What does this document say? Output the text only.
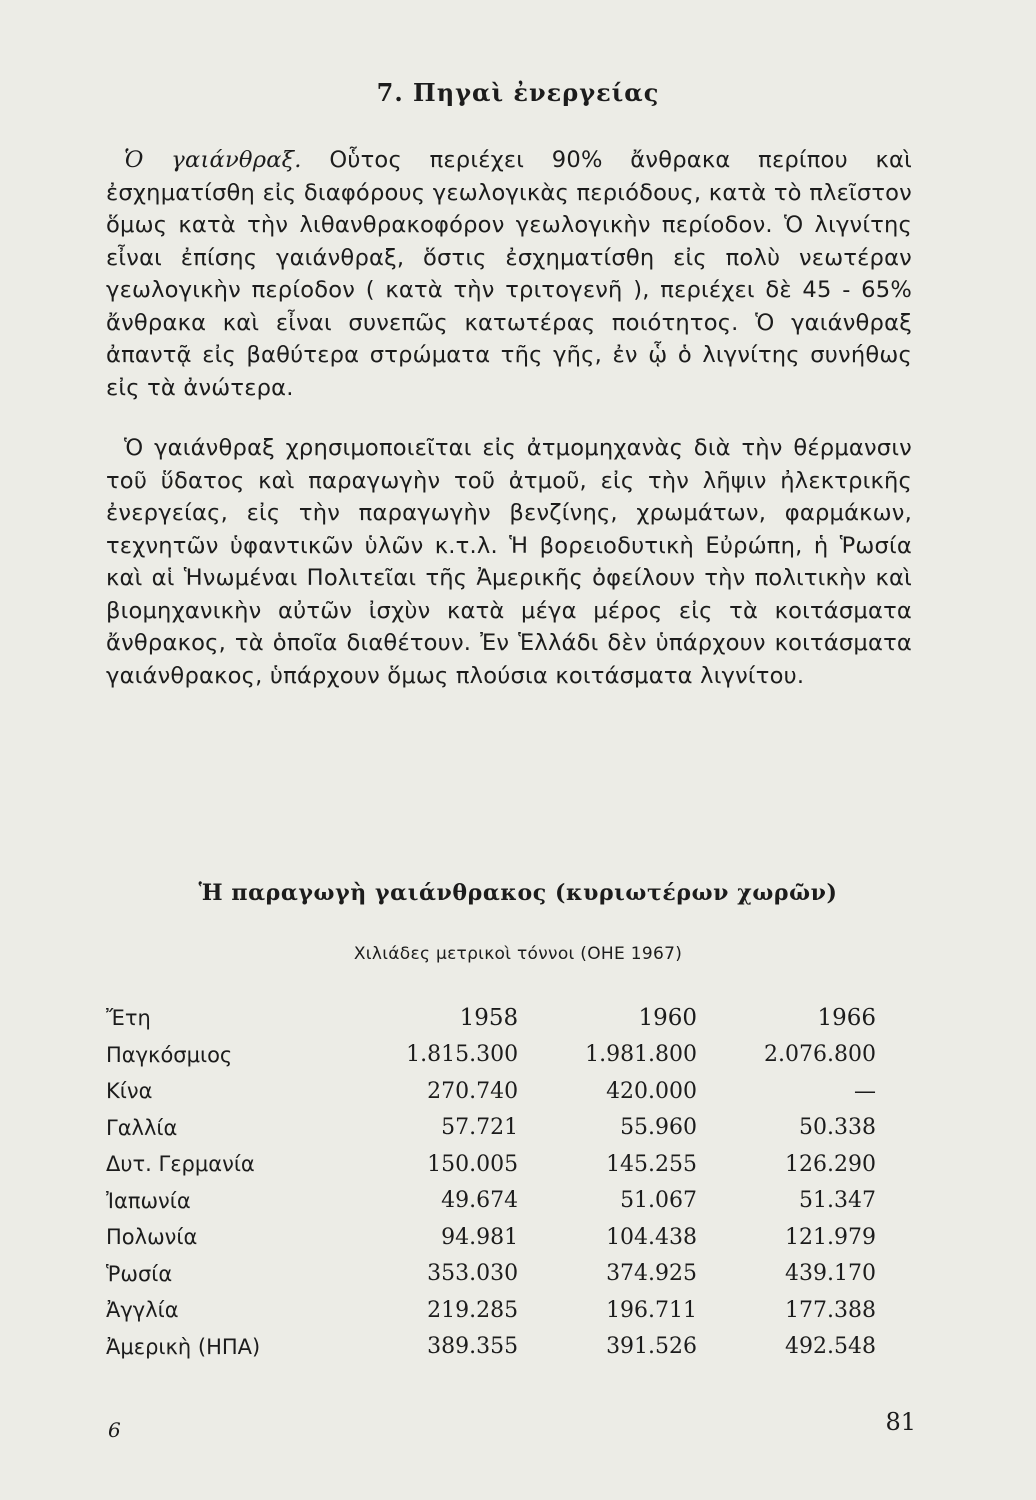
7. Πηγαὶ ἐνεργείας

Ὁ γαιάνθραξ. Οὗτος περιέχει 90% ἄνθρακα περίπου καὶ ἐσχηματίσθη εἰς διαφόρους γεωλογικὰς περιόδους, κατὰ τὸ πλεῖστον ὅμως κατὰ τὴν λιθανθρακοφόρον γεωλογικὴν περίοδον. Ὁ λιγνίτης εἶναι ἐπίσης γαιάνθραξ, ὅστις ἐσχηματίσθη εἰς πολὺ νεωτέραν γεωλογικὴν περίοδον ( κατὰ τὴν τριτογενῆ ), περιέχει δὲ 45 - 65% ἄνθρακα καὶ εἶναι συνεπῶς κατωτέρας ποιότητος. Ὁ γαιάνθραξ ἀπαντᾷ εἰς βαθύτερα στρώματα τῆς γῆς, ἐν ᾧ ὁ λιγνίτης συνήθως εἰς τὰ ἀνώτερα.

Ὁ γαιάνθραξ χρησιμοποιεῖται εἰς ἀτμομηχανὰς διὰ τὴν θέρμανσιν τοῦ ὕδατος καὶ παραγωγὴν τοῦ ἀτμοῦ, εἰς τὴν λῆψιν ἠλεκτρικῆς ἐνεργείας, εἰς τὴν παραγωγὴν βενζίνης, χρωμάτων, φαρμάκων, τεχνητῶν ὑφαντικῶν ὑλῶν κ.τ.λ. Ἡ βορειοδυτικὴ Εὐρώπη, ἡ Ῥωσία καὶ αἱ Ἡνωμέναι Πολιτεῖαι τῆς Ἀμερικῆς ὀφείλουν τὴν πολιτικὴν καὶ βιομηχανικὴν αὐτῶν ἰσχὺν κατὰ μέγα μέρος εἰς τὰ κοιτάσματα ἄνθρακος, τὰ ὁποῖα διαθέτουν. Ἐν Ἑλλάδι δὲν ὑπάρχουν κοιτάσματα γαιάνθρακος, ὑπάρχουν ὅμως πλούσια κοιτάσματα λιγνίτου.

Ἡ παραγωγὴ γαιάνθρακος (κυριωτέρων χωρῶν)
Χιλιάδες μετρικοὶ τόννοι (ΟΗΕ 1967)
Ἔτη	1958	1960	1966
Παγκόσμιος	1.815.300	1.981.800	2.076.800
Κίνα	270.740	420.000	—
Γαλλία	57.721	55.960	50.338
Δυτ. Γερμανία	150.005	145.255	126.290
Ἰαπωνία	49.674	51.067	51.347
Πολωνία	94.981	104.438	121.979
Ῥωσία	353.030	374.925	439.170
Ἀγγλία	219.285	196.711	177.388
Ἀμερικὴ (ΗΠΑ)	389.355	391.526	492.548
6	81
